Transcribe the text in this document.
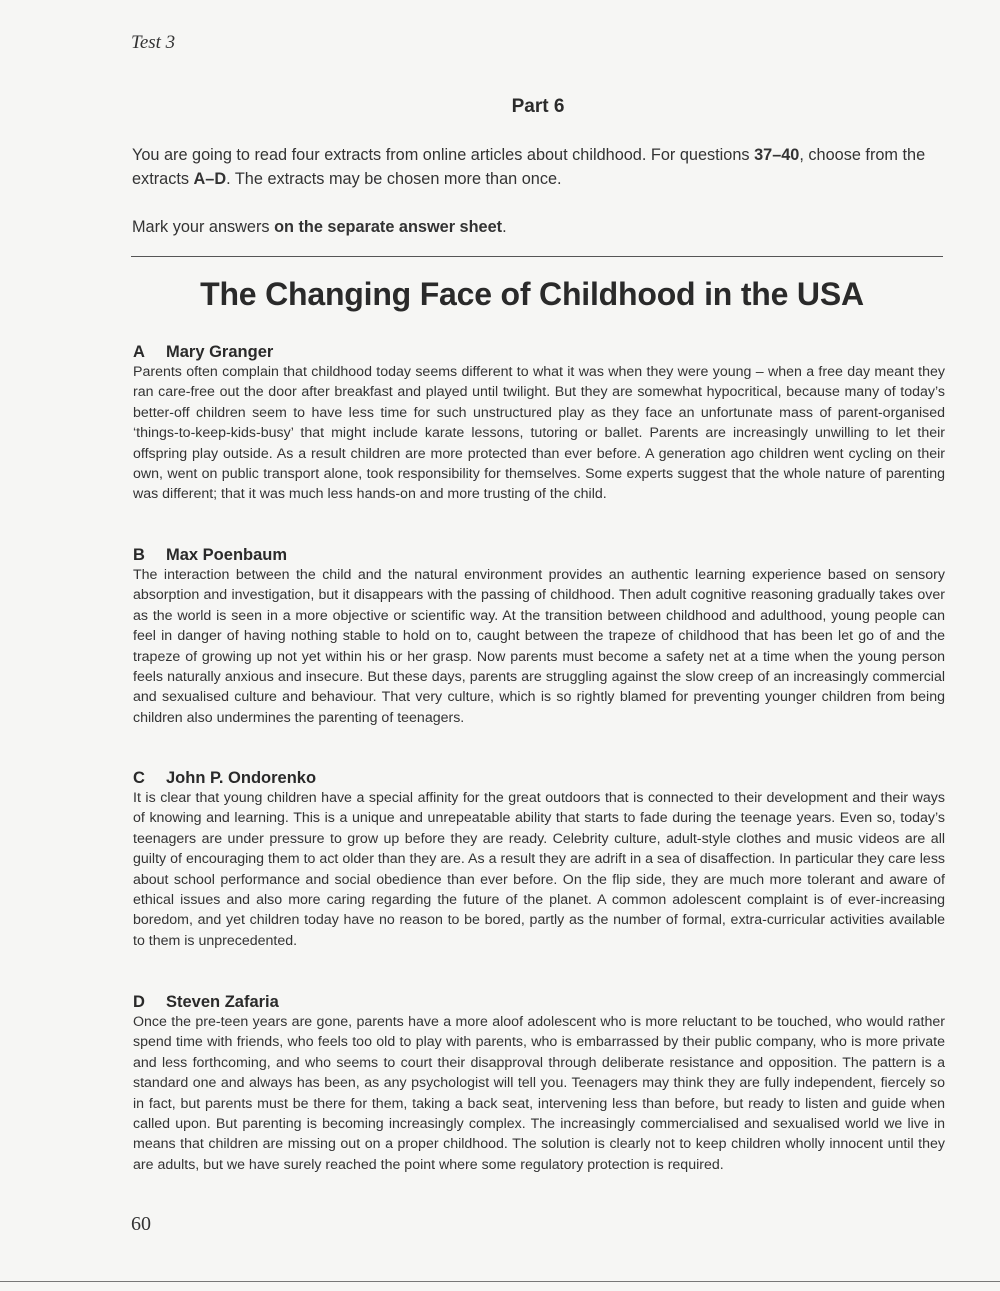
Test 3
Part 6

You are going to read four extracts from online articles about childhood. For questions 37–40, choose from the extracts A–D. The extracts may be chosen more than once.

Mark your answers on the separate answer sheet.

The Changing Face of Childhood in the USA
A Mary Granger
Parents often complain that childhood today seems different to what it was when they were young – when a free day meant they ran care-free out the door after breakfast and played until twilight. But they are somewhat hypocritical, because many of today’s better-off children seem to have less time for such unstructured play as they face an unfortunate mass of parent-organised ‘things-to-keep-kids-busy’ that might include karate lessons, tutoring or ballet. Parents are increasingly unwilling to let their offspring play outside. As a result children are more protected than ever before. A generation ago children went cycling on their own, went on public transport alone, took responsibility for themselves. Some experts suggest that the whole nature of parenting was different; that it was much less hands-on and more trusting of the child.
B Max Poenbaum
The interaction between the child and the natural environment provides an authentic learning experience based on sensory absorption and investigation, but it disappears with the passing of childhood. Then adult cognitive reasoning gradually takes over as the world is seen in a more objective or scientific way. At the transition between childhood and adulthood, young people can feel in danger of having nothing stable to hold on to, caught between the trapeze of childhood that has been let go of and the trapeze of growing up not yet within his or her grasp. Now parents must become a safety net at a time when the young person feels naturally anxious and insecure. But these days, parents are struggling against the slow creep of an increasingly commercial and sexualised culture and behaviour. That very culture, which is so rightly blamed for preventing younger children from being children also undermines the parenting of teenagers.
C John P. Ondorenko
It is clear that young children have a special affinity for the great outdoors that is connected to their development and their ways of knowing and learning. This is a unique and unrepeatable ability that starts to fade during the teenage years. Even so, today’s teenagers are under pressure to grow up before they are ready. Celebrity culture, adult-style clothes and music videos are all guilty of encouraging them to act older than they are. As a result they are adrift in a sea of disaffection. In particular they care less about school performance and social obedience than ever before. On the flip side, they are much more tolerant and aware of ethical issues and also more caring regarding the future of the planet. A common adolescent complaint is of ever-increasing boredom, and yet children today have no reason to be bored, partly as the number of formal, extra-curricular activities available to them is unprecedented.
D Steven Zafaria
Once the pre-teen years are gone, parents have a more aloof adolescent who is more reluctant to be touched, who would rather spend time with friends, who feels too old to play with parents, who is embarrassed by their public company, who is more private and less forthcoming, and who seems to court their disapproval through deliberate resistance and opposition. The pattern is a standard one and always has been, as any psychologist will tell you. Teenagers may think they are fully independent, fiercely so in fact, but parents must be there for them, taking a back seat, intervening less than before, but ready to listen and guide when called upon. But parenting is becoming increasingly complex. The increasingly commercialised and sexualised world we live in means that children are missing out on a proper childhood. The solution is clearly not to keep children wholly innocent until they are adults, but we have surely reached the point where some regulatory protection is required.
60
